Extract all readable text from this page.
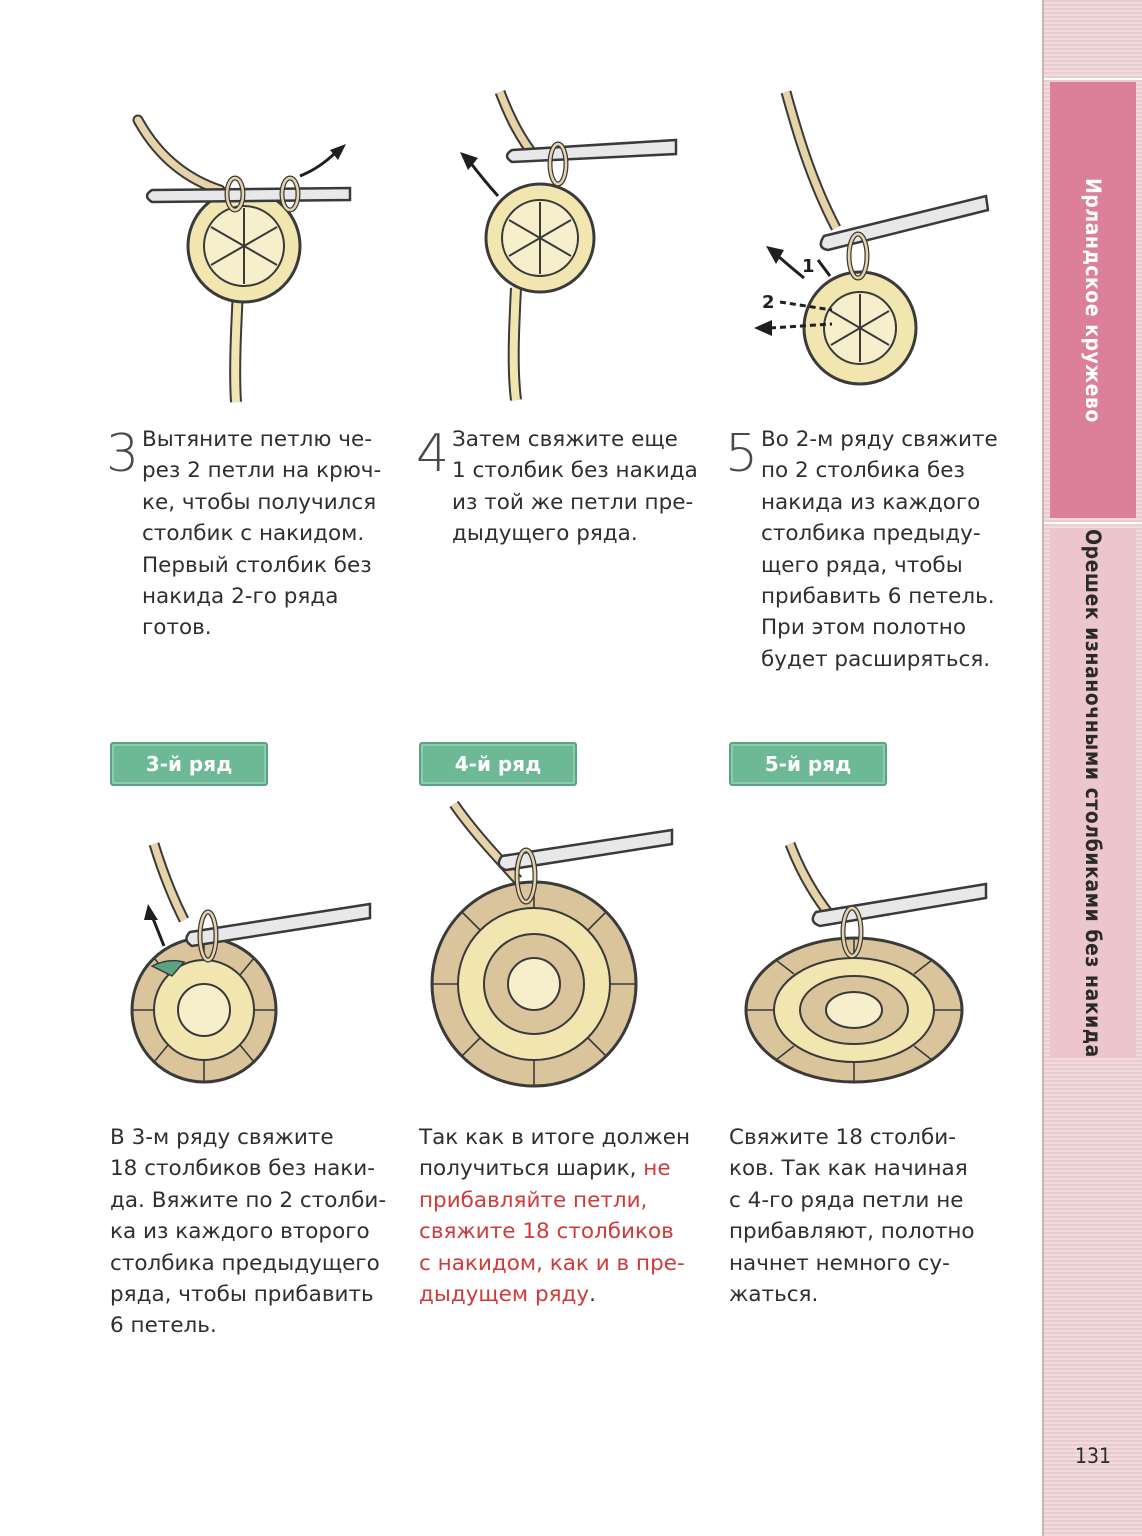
Ирландское кружево
Орешек изнаночными столбиками без накида
131
1
2
3 Вытяните петлю че-
рез 2 петли на крюч-
ке, чтобы получился
столбик с накидом.
Первый столбик без
накида 2-го ряда
готов.

4 Затем свяжите еще
1 столбик без накида
из той же петли пре-
дыдущего ряда.

5 Во 2-м ряду свяжите
по 2 столбика без
накида из каждого
столбика предыду-
щего ряда, чтобы
прибавить 6 петель.
При этом полотно
будет расширяться.

3-й ряд	4-й ряд	5-й ряд

В 3-м ряду свяжите
18 столбиков без наки-
да. Вяжите по 2 столби-
ка из каждого второго
столбика предыдущего
ряда, чтобы прибавить
6 петель.

Так как в итоге должен
получиться шарик, не
прибавляйте петли,
свяжите 18 столбиков
с накидом, как и в пре-
дыдущем ряду.

Свяжите 18 столби-
ков. Так как начиная
с 4-го ряда петли не
прибавляют, полотно
начнет немного су-
жаться.
